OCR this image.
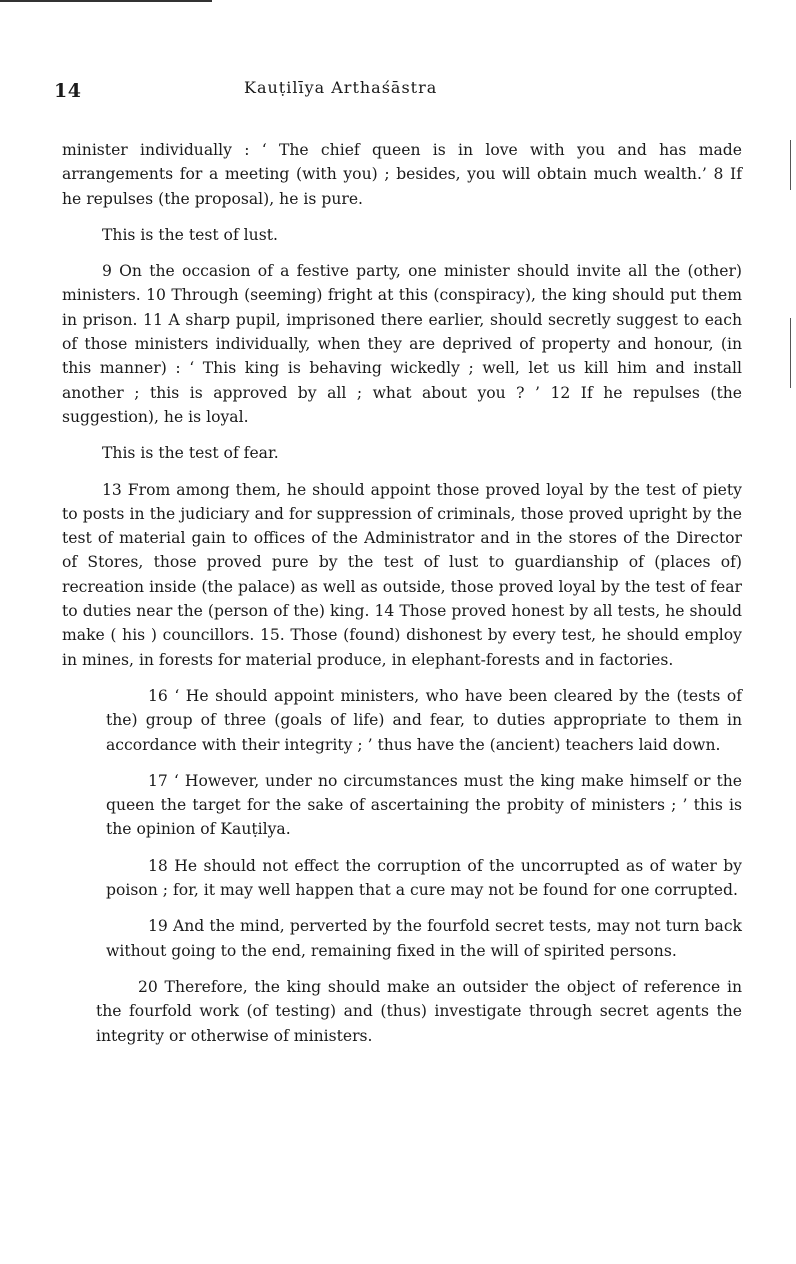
14	Kauṭilīya Arthaśāstra

minister individually : ‘ The chief queen is in love with you and has made arrangements for a meeting (with you) ; besides, you will obtain much wealth.’ 8 If he repulses (the proposal), he is pure.

This is the test of lust.

9 On the occasion of a festive party, one minister should invite all the (other) ministers. 10 Through (seeming) fright at this (conspiracy), the king should put them in prison. 11 A sharp pupil, imprisoned there earlier, should secretly suggest to each of those ministers individually, when they are deprived of property and honour, (in this manner) : ‘ This king is behaving wickedly ; well, let us kill him and install another ; this is approved by all ; what about you ? ’ 12 If he repulses (the suggestion), he is loyal.

This is the test of fear.

13 From among them, he should appoint those proved loyal by the test of piety to posts in the judiciary and for suppression of criminals, those proved upright by the test of material gain to offices of the Administrator and in the stores of the Director of Stores, those proved pure by the test of lust to guardianship of (places of) recreation inside (the palace) as well as outside, those proved loyal by the test of fear to duties near the (person of the) king. 14 Those proved honest by all tests, he should make ( his ) councillors. 15. Those (found) dishonest by every test, he should employ in mines, in forests for material produce, in elephant-forests and in factories.

16 ‘ He should appoint ministers, who have been cleared by the (tests of the) group of three (goals of life) and fear, to duties appropriate to them in accordance with their integrity ; ’ thus have the (ancient) teachers laid down.

17 ‘ However, under no circumstances must the king make himself or the queen the target for the sake of ascertaining the probity of ministers ; ’ this is the opinion of Kauṭilya.

18 He should not effect the corruption of the uncorrupted as of water by poison ; for, it may well happen that a cure may not be found for one corrupted.

19 And the mind, perverted by the fourfold secret tests, may not turn back without going to the end, remaining fixed in the will of spirited persons.

20 Therefore, the king should make an outsider the object of reference in the fourfold work (of testing) and (thus) investigate through secret agents the integrity or otherwise of ministers.
